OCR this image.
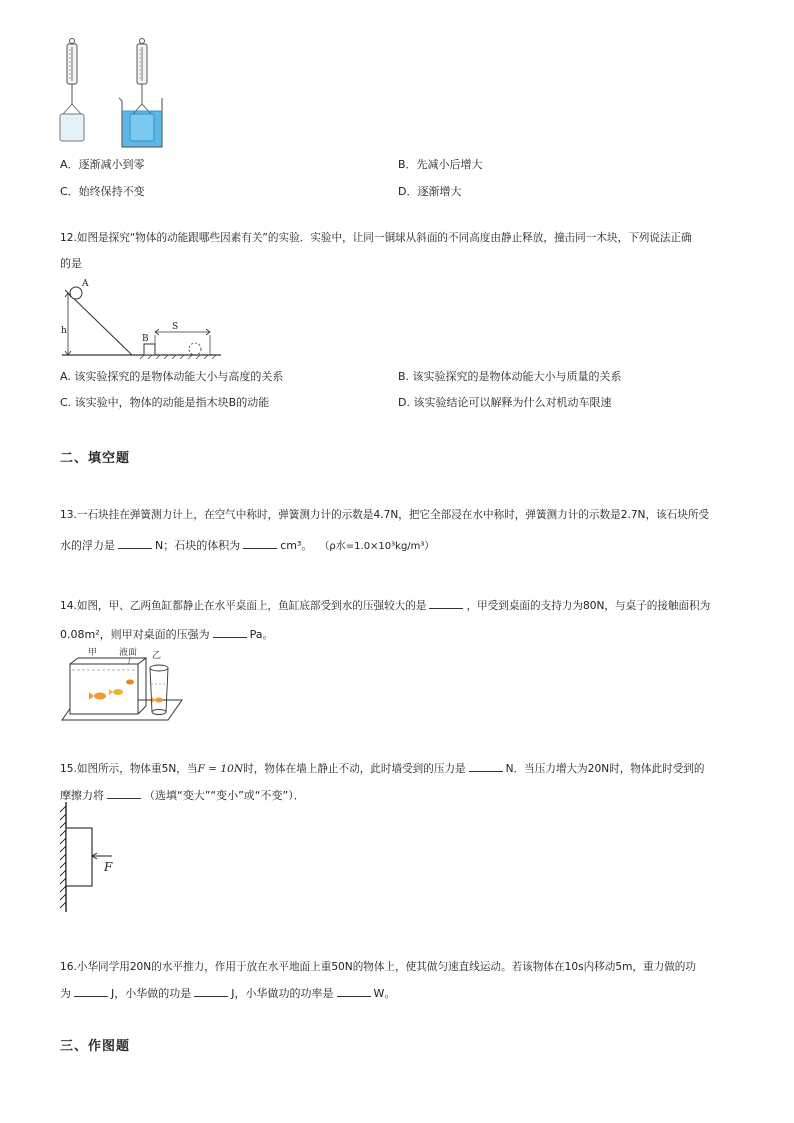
A．逐渐减小到零	B．先减小后增大
C．始终保持不变	D．逐渐增大
12.如图是探究“物体的动能跟哪些因素有关”的实验．实验中，让同一铜球从斜面的不同高度由静止释放，撞击同一木块，下列说法正确
的是
A
h
B
S
A. 该实验探究的是物体动能大小与高度的关系	B. 该实验探究的是物体动能大小与质量的关系
C. 该实验中，物体的动能是指木块B的动能	D. 该实验结论可以解释为什么对机动车限速
二、填空题
13.一石块挂在弹簧测力计上，在空气中称时，弹簧测力计的示数是4.7N，把它全部浸在水中称时，弹簧测力计的示数是2.7N，该石块所受
水的浮力是	N；石块的体积为	cm³。 （ρ水=1.0×10³kg/m³）
14.如图，甲、乙两鱼缸都静止在水平桌面上，鱼缸底部受到水的压强较大的是	，甲受到桌面的支持力为80N，与桌子的接触面积为
0.08m²，则甲对桌面的压强为	Pa。
甲 液面 乙
15.如图所示，物体重5N，当F = 10N时，物体在墙上静止不动，此时墙受到的压力是	N．当压力增大为20N时，物体此时受到的
摩擦力将	（选填“变大”“变小”或“不变”）．
F
16.小华同学用20N的水平推力，作用于放在水平地面上重50N的物体上，使其做匀速直线运动。若该物体在10s内移动5m，重力做的功
为	J，小华做的功是	J，小华做功的功率是	W。
三、作图题
